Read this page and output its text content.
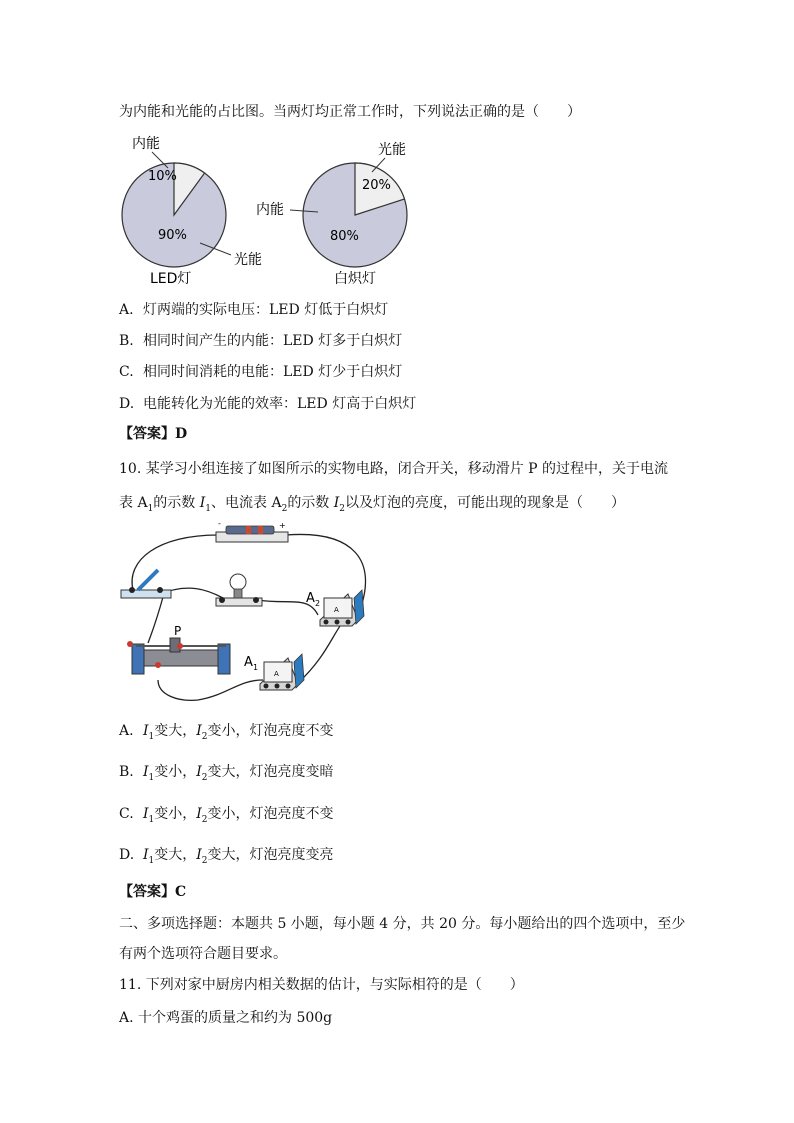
为内能和光能的占比图。当两灯均正常工作时，下列说法正确的是（　　）
内能
10%
90%
光能
LED灯
光能
20%
内能
80%
白炽灯
A. 灯两端的实际电压：LED 灯低于白炽灯
B. 相同时间产生的内能：LED 灯多于白炽灯
C. 相同时间消耗的电能：LED 灯少于白炽灯
D. 电能转化为光能的效率：LED 灯高于白炽灯
【答案】D
10. 某学习小组连接了如图所示的实物电路，闭合开关，移动滑片 P 的过程中，关于电流
表 $A_1$的示数 $I_1$、电流表 $A_2$的示数 $I_2$以及灯泡的亮度，可能出现的现象是（　　）
-	+
A 2
A
P
A 1
A
A. $I_1$变大，$I_2$变小，灯泡亮度不变
B. $I_1$变小，$I_2$变大，灯泡亮度变暗
C. $I_1$变小，$I_2$变小，灯泡亮度不变
D. $I_1$变大，$I_2$变大，灯泡亮度变亮
【答案】C
二、多项选择题：本题共 5 小题，每小题 4 分，共 20 分。每小题给出的四个选项中，至少
有两个选项符合题目要求。
11. 下列对家中厨房内相关数据的估计，与实际相符的是（　　）
A. 十个鸡蛋的质量之和约为 500g
